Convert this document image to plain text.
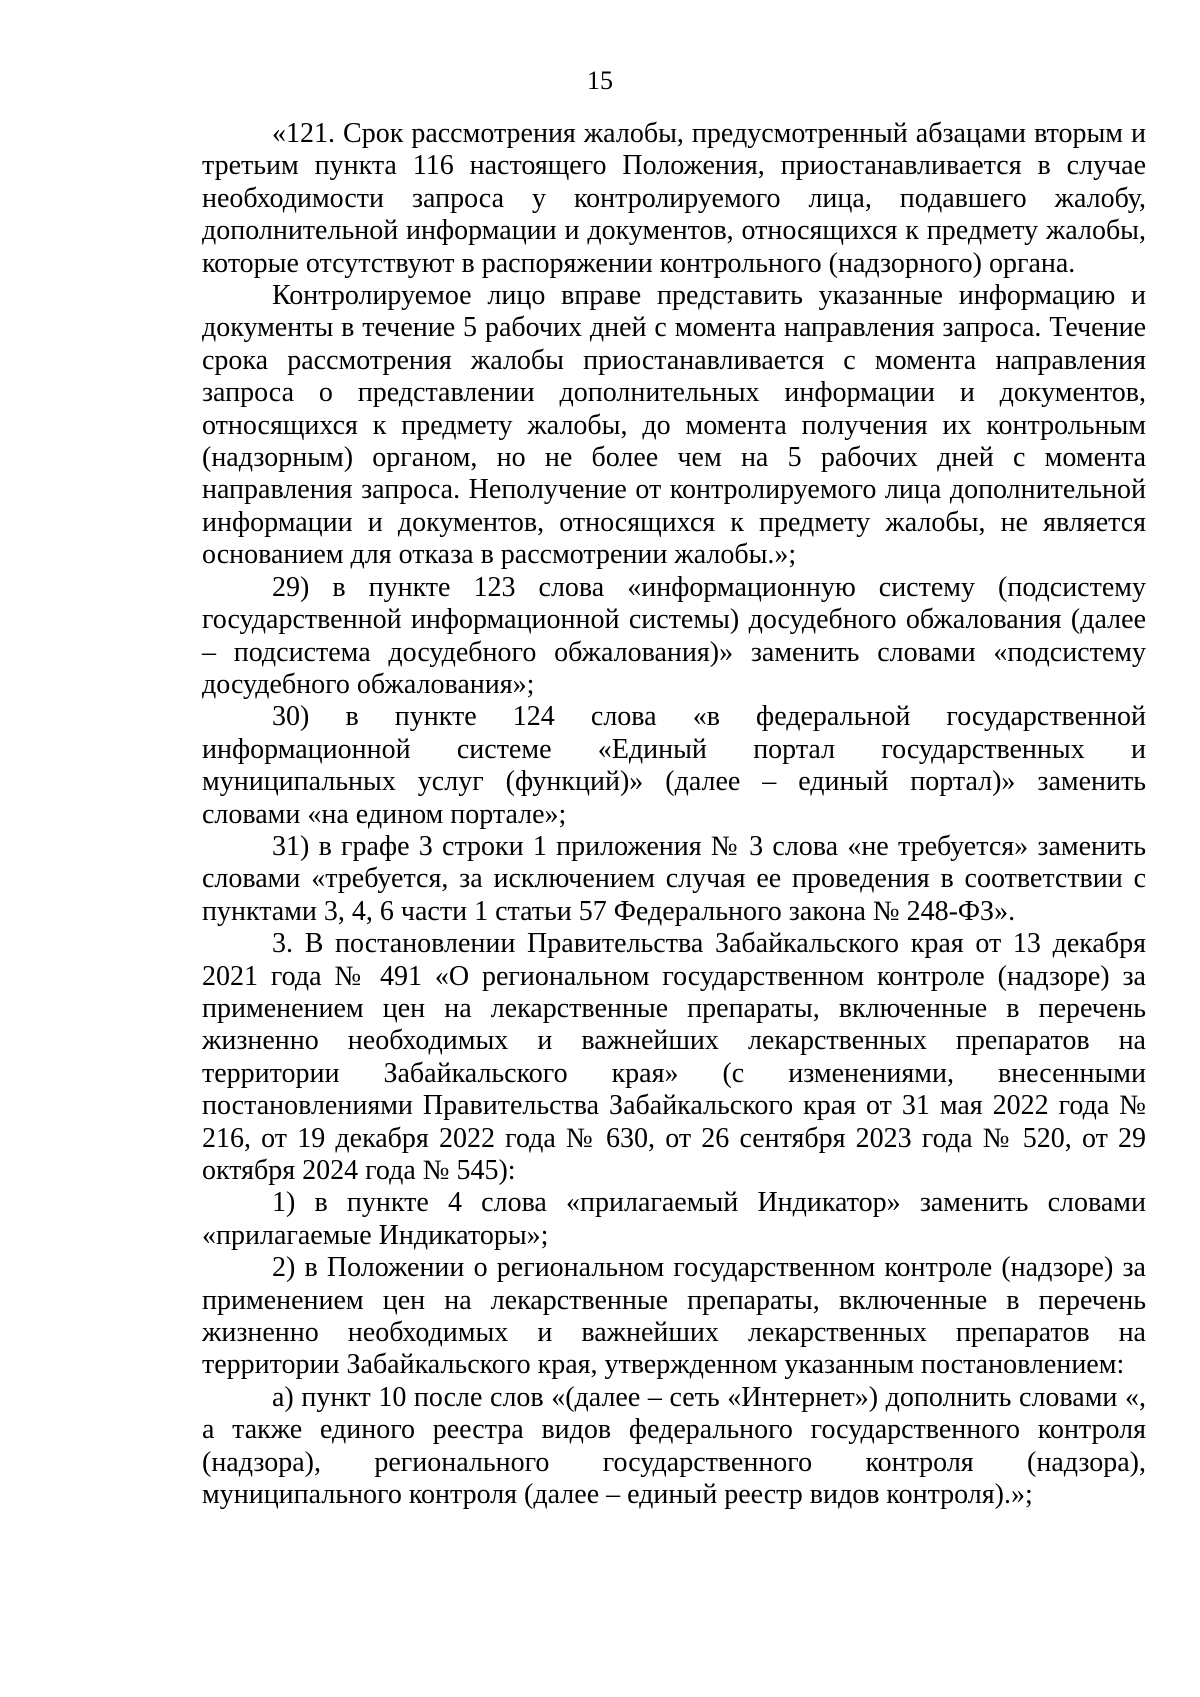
15

«121. Срок рассмотрения жалобы, предусмотренный абзацами вторым и третьим пункта 116 настоящего Положения, приостанавливается в случае необходимости запроса у контролируемого лица, подавшего жалобу, дополнительной информации и документов, относящихся к предмету жалобы, которые отсутствуют в распоряжении контрольного (надзорного) органа.

Контролируемое лицо вправе представить указанные информацию и документы в течение 5 рабочих дней с момента направления запроса. Течение срока рассмотрения жалобы приостанавливается с момента направления запроса о представлении дополнительных информации и документов, относящихся к предмету жалобы, до момента получения их контрольным (надзорным) органом, но не более чем на 5 рабочих дней с момента направления запроса. Неполучение от контролируемого лица дополнительной информации и документов, относящихся к предмету жалобы, не является основанием для отказа в рассмотрении жалобы.»;

29) в пункте 123 слова «информационную систему (подсистему государственной информационной системы) досудебного обжалования (далее – подсистема досудебного обжалования)» заменить словами «подсистему досудебного обжалования»;

30) в пункте 124 слова «в федеральной государственной информационной системе «Единый портал государственных и муниципальных услуг (функций)» (далее – единый портал)» заменить словами «на едином портале»;

31) в графе 3 строки 1 приложения № 3 слова «не требуется» заменить словами «требуется, за исключением случая ее проведения в соответствии с пунктами 3, 4, 6 части 1 статьи 57 Федерального закона № 248-ФЗ».

3. В постановлении Правительства Забайкальского края от 13 декабря 2021 года № 491 «О региональном государственном контроле (надзоре) за применением цен на лекарственные препараты, включенные в перечень жизненно необходимых и важнейших лекарственных препаратов на территории Забайкальского края» (с изменениями, внесенными постановлениями Правительства Забайкальского края от 31 мая 2022 года № 216, от 19 декабря 2022 года № 630, от 26 сентября 2023 года № 520, от 29 октября 2024 года № 545):

1) в пункте 4 слова «прилагаемый Индикатор» заменить словами «прилагаемые Индикаторы»;

2) в Положении о региональном государственном контроле (надзоре) за применением цен на лекарственные препараты, включенные в перечень жизненно необходимых и важнейших лекарственных препаратов на территории Забайкальского края, утвержденном указанным постановлением:

а) пункт 10 после слов «(далее – сеть «Интернет») дополнить словами «, а также единого реестра видов федерального государственного контроля (надзора), регионального государственного контроля (надзора), муниципального контроля (далее – единый реестр видов контроля).»;
